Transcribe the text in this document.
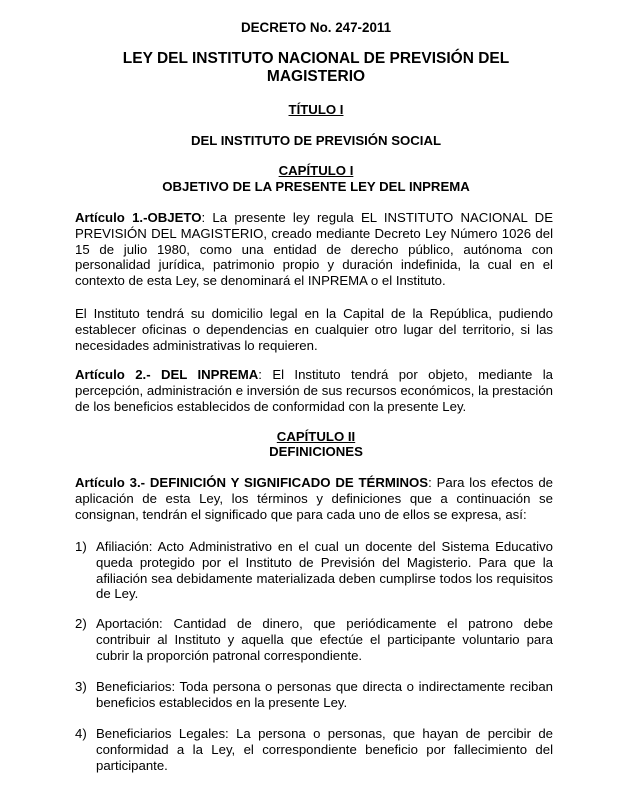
DECRETO No. 247-2011
LEY DEL INSTITUTO NACIONAL DE PREVISIÓN DEL MAGISTERIO
TÍTULO I
DEL INSTITUTO DE PREVISIÓN SOCIAL
CAPÍTULO I
OBJETIVO DE LA PRESENTE LEY DEL INPREMA

Artículo 1.-OBJETO: La presente ley regula EL INSTITUTO NACIONAL DE PREVISIÓN DEL MAGISTERIO, creado mediante Decreto Ley Número 1026 del 15 de julio 1980, como una entidad de derecho público, autónoma con personalidad jurídica, patrimonio propio y duración indefinida, la cual en el contexto de esta Ley, se denominará el INPREMA o el Instituto.

El Instituto tendrá su domicilio legal en la Capital de la República, pudiendo establecer oficinas o dependencias en cualquier otro lugar del territorio, si las necesidades administrativas lo requieren.

Artículo 2.- DEL INPREMA: El Instituto tendrá por objeto, mediante la percepción, administración e inversión de sus recursos económicos, la prestación de los beneficios establecidos de conformidad con la presente Ley.

CAPÍTULO II
DEFINICIONES

Artículo 3.- DEFINICIÓN Y SIGNIFICADO DE TÉRMINOS: Para los efectos de aplicación de esta Ley, los términos y definiciones que a continuación se consignan, tendrán el significado que para cada uno de ellos se expresa, así:

1) Afiliación: Acto Administrativo en el cual un docente del Sistema Educativo queda protegido por el Instituto de Previsión del Magisterio. Para que la afiliación sea debidamente materializada deben cumplirse todos los requisitos de Ley.
2) Aportación: Cantidad de dinero, que periódicamente el patrono debe contribuir al Instituto y aquella que efectúe el participante voluntario para cubrir la proporción patronal correspondiente.
3) Beneficiarios: Toda persona o personas que directa o indirectamente reciban beneficios establecidos en la presente Ley.
4) Beneficiarios Legales: La persona o personas, que hayan de percibir de conformidad a la Ley, el correspondiente beneficio por fallecimiento del participante.
